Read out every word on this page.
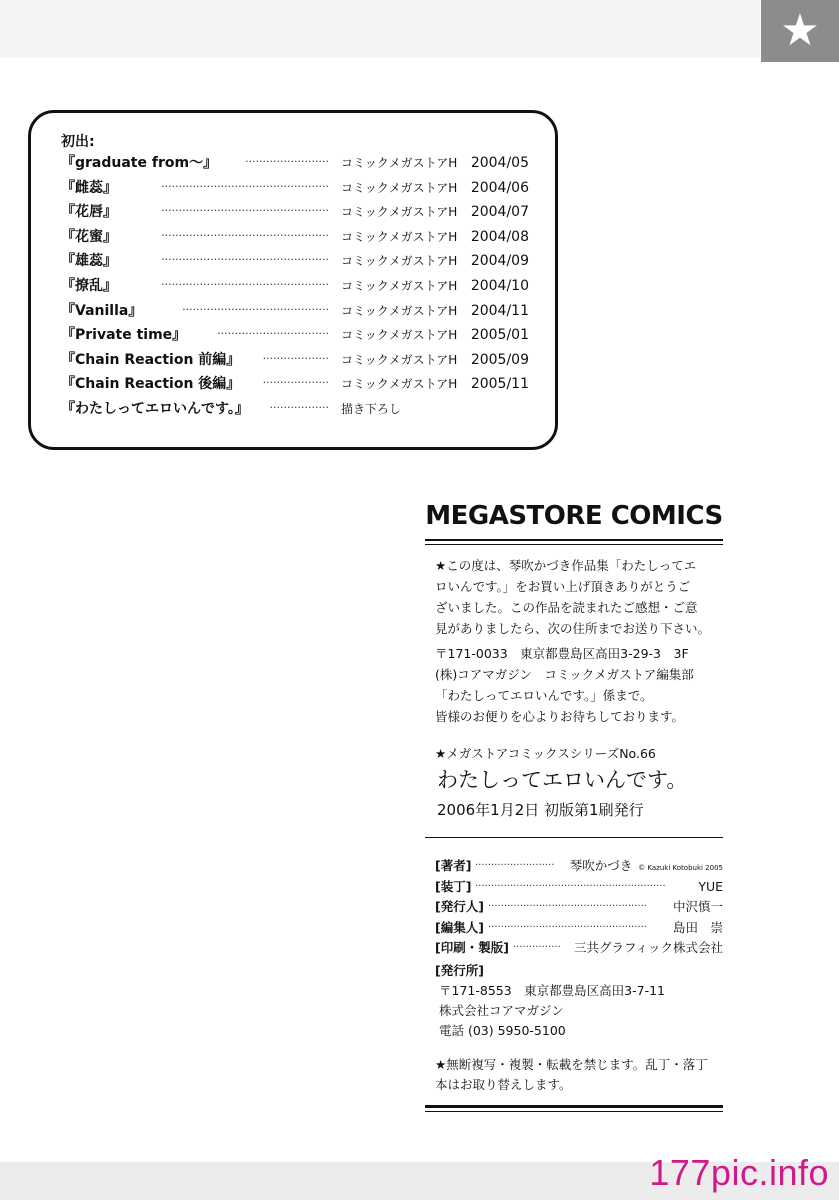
★
初出:
『graduate from〜』	························ コミックメガストアH 2004/05
『雌蕊』	················································ コミックメガストアH 2004/06
『花唇』	················································ コミックメガストアH 2004/07
『花蜜』	················································ コミックメガストアH 2004/08
『雄蕊』	················································ コミックメガストアH 2004/09
『撩乱』	················································ コミックメガストアH 2004/10
『Vanilla』	·········································· コミックメガストアH 2004/11
『Private time』	································ コミックメガストアH 2005/01
『Chain Reaction 前編』	··················· コミックメガストアH 2005/09
『Chain Reaction 後編』	··················· コミックメガストアH 2005/11
『わたしってエロいんです。』	················· 描き下ろし
MEGASTORE COMICS

★この度は、琴吹かづき作品集「わたしってエ

ロいんです。」をお買い上げ頂きありがとうご

ざいました。この作品を読まれたご感想・ご意

見がありましたら、次の住所までお送り下さい。

〒171-0033　東京都豊島区高田3-29-3　3F

(株)コアマガジン　コミックメガストア編集部

「わたしってエロいんです。」係まで。

皆様のお便りを心よりお待ちしております。

★メガストアコミックスシリーズNo.66
わたしってエロいんです。
2006年1月2日 初版第1刷発行
[著者] ·························	琴吹かづき © Kazuki Kotobuki 2005
[装丁] ····························································	YUE
[発行人] ··················································	中沢慎一
[編集人] ··················································	島田　崇
[印刷・製版] ···············	三共グラフィック株式会社
[発行所]
〒171-8553　東京都豊島区高田3-7-11
株式会社コアマガジン
電話 (03) 5950-5100

★無断複写・複製・転載を禁じます。乱丁・落丁

本はお取り替えします。

177pic.info
